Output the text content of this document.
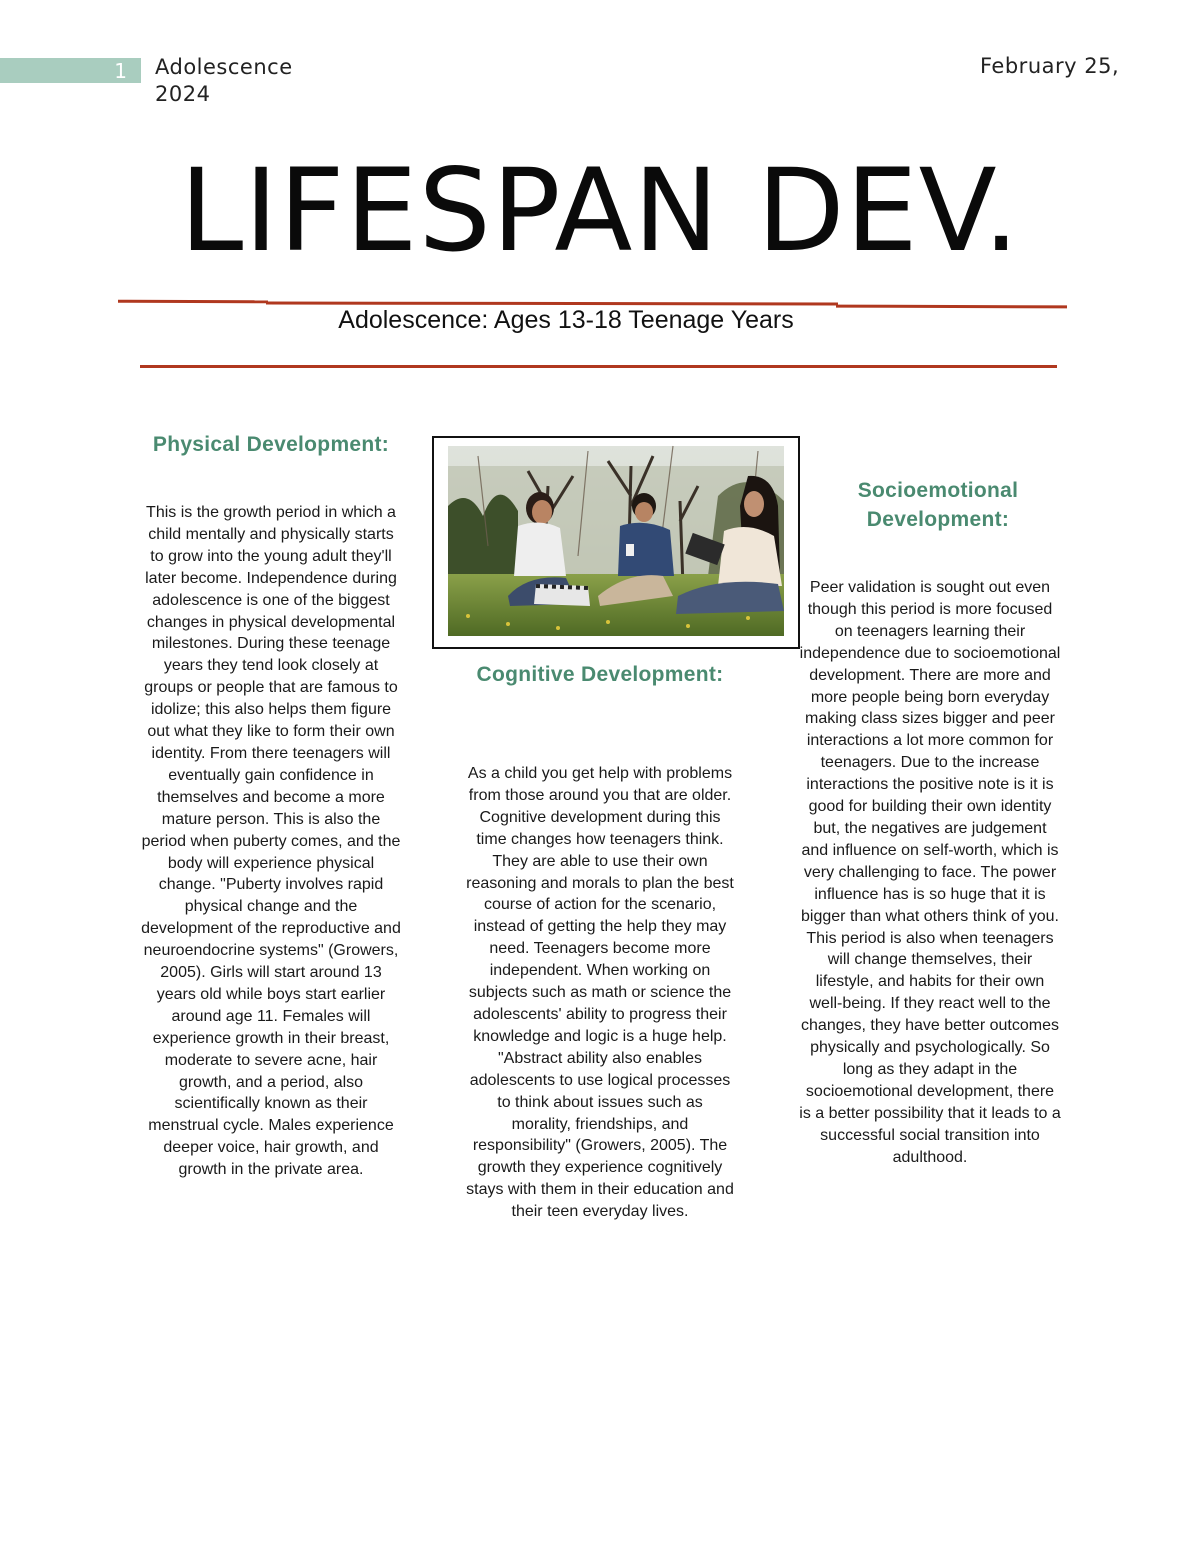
1 Adolescence 2024
February 25,
LIFESPAN DEV.
Adolescence: Ages 13-18 Teenage Years
Physical Development:

This is the growth period in which a child mentally and physically starts to grow into the young adult they'll later become. Independence during adolescence is one of the biggest changes in physical developmental milestones. During these teenage years they tend look closely at groups or people that are famous to idolize; this also helps them figure out what they like to form their own identity. From there teenagers will eventually gain confidence in themselves and become a more mature person. This is also the period when puberty comes, and the body will experience physical change. "Puberty involves rapid physical change and the development of the reproductive and neuroendocrine systems" (Growers, 2005). Girls will start around 13 years old while boys start earlier around age 11. Females will experience growth in their breast, moderate to severe acne, hair growth, and a period, also scientifically known as their menstrual cycle. Males experience deeper voice, hair growth, and growth in the private area.

Cognitive Development:

As a child you get help with problems from those around you that are older. Cognitive development during this time changes how teenagers think. They are able to use their own reasoning and morals to plan the best course of action for the scenario, instead of getting the help they may need. Teenagers become more independent. When working on subjects such as math or science the adolescents' ability to progress their knowledge and logic is a huge help. "Abstract ability also enables adolescents to use logical processes to think about issues such as morality, friendships, and responsibility" (Growers, 2005). The growth they experience cognitively stays with them in their education and their teen everyday lives.

Socioemotional Development:

Peer validation is sought out even though this period is more focused on teenagers learning their independence due to socioemotional development. There are more and more people being born everyday making class sizes bigger and peer interactions a lot more common for teenagers. Due to the increase interactions the positive note is it is good for building their own identity but, the negatives are judgement and influence on self-worth, which is very challenging to face. The power influence has is so huge that it is bigger than what others think of you. This period is also when teenagers will change themselves, their lifestyle, and habits for their own well-being. If they react well to the changes, they have better outcomes physically and psychologically. So long as they adapt in the socioemotional development, there is a better possibility that it leads to a successful social transition into adulthood.
